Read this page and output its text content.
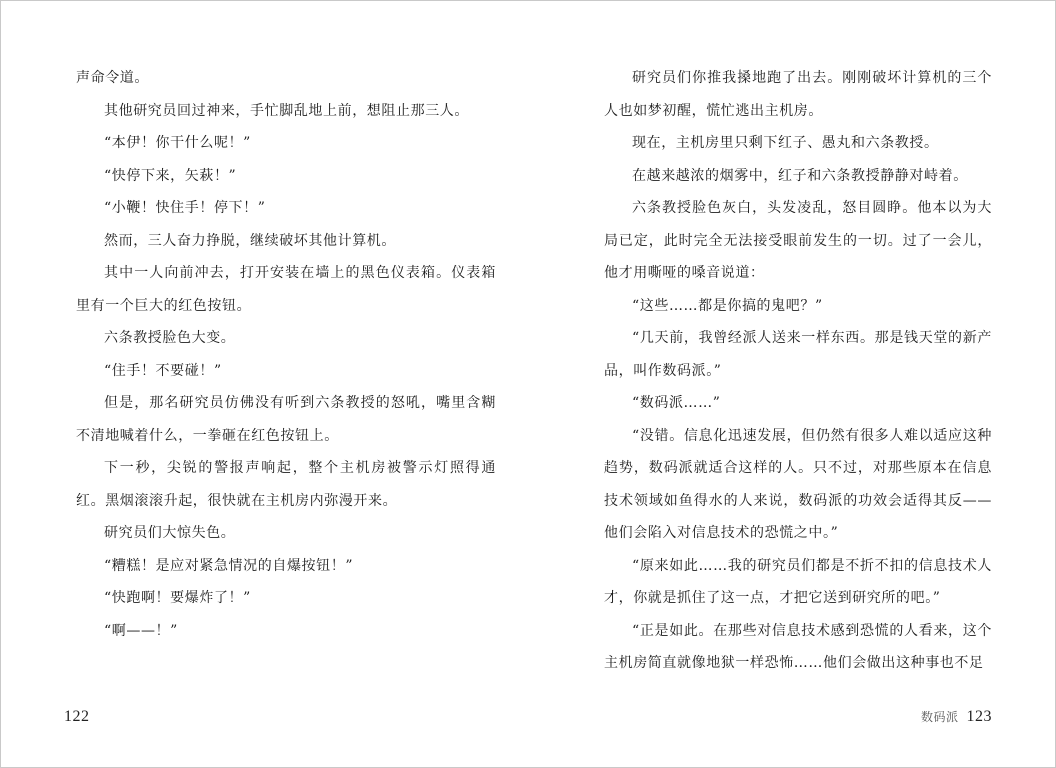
声命令道。

其他研究员回过神来，手忙脚乱地上前，想阻止那三人。

“本伊！你干什么呢！”

“快停下来，矢萩！”

“小鞭！快住手！停下！”

然而，三人奋力挣脱，继续破坏其他计算机。

其中一人向前冲去，打开安装在墙上的黑色仪表箱。仪表箱里有一个巨大的红色按钮。

六条教授脸色大变。

“住手！不要碰！”

但是，那名研究员仿佛没有听到六条教授的怒吼，嘴里含糊不清地喊着什么，一拳砸在红色按钮上。

下一秒，尖锐的警报声响起，整个主机房被警示灯照得通红。黑烟滚滚升起，很快就在主机房内弥漫开来。

研究员们大惊失色。

“糟糕！是应对紧急情况的自爆按钮！”

“快跑啊！要爆炸了！”

“啊——！”

研究员们你推我搡地跑了出去。刚刚破坏计算机的三个人也如梦初醒，慌忙逃出主机房。

现在，主机房里只剩下红子、愚丸和六条教授。

在越来越浓的烟雾中，红子和六条教授静静对峙着。

六条教授脸色灰白，头发凌乱，怒目圆睁。他本以为大局已定，此时完全无法接受眼前发生的一切。过了一会儿，他才用嘶哑的嗓音说道：

“这些……都是你搞的鬼吧？”

“几天前，我曾经派人送来一样东西。那是钱天堂的新产品，叫作数码派。”

“数码派……”

“没错。信息化迅速发展，但仍然有很多人难以适应这种趋势，数码派就适合这样的人。只不过，对那些原本在信息技术领域如鱼得水的人来说，数码派的功效会适得其反——他们会陷入对信息技术的恐慌之中。”

“原来如此……我的研究员们都是不折不扣的信息技术人才，你就是抓住了这一点，才把它送到研究所的吧。”

“正是如此。在那些对信息技术感到恐慌的人看来，这个主机房简直就像地狱一样恐怖……他们会做出这种事也不足

122	数码派 123
